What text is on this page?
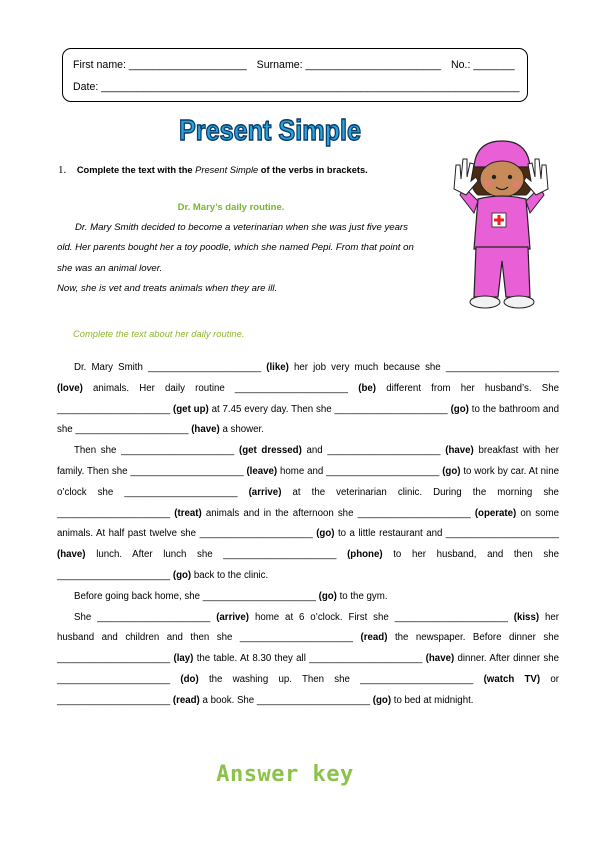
First name: ____________________ Surname: _______________________ No.: _______
Date: _______________________________________________________________________
Present Simple
1. Complete the text with the Present Simple of the verbs in brackets.
Dr. Mary’s daily routine.

Dr. Mary Smith decided to become a veterinarian when she was just five years

old. Her parents bought her a toy poodle, which she named Pepi. From that point on

she was an animal lover.

Now, she is vet and treats animals when they are ill.

Complete the text about her daily routine.

Dr. Mary Smith _____________________ (like) her job very much because she _____________________ (love) animals. Her daily routine _____________________ (be) different from her husband’s. She _____________________ (get up) at 7.45 every day. Then she _____________________ (go) to the bathroom and she _____________________ (have) a shower.

Then she _____________________ (get dressed) and _____________________ (have) breakfast with her family. Then she _____________________ (leave) home and _____________________ (go) to work by car. At nine o’clock she _____________________ (arrive) at the veterinarian clinic. During the morning she _____________________ (treat) animals and in the afternoon she _____________________ (operate) on some animals. At half past twelve she _____________________ (go) to a little restaurant and _____________________ (have) lunch. After lunch she _____________________ (phone) to her husband, and then she _____________________ (go) back to the clinic.

Before going back home, she _____________________ (go) to the gym.

She _____________________ (arrive) home at 6 o’clock. First she _____________________ (kiss) her husband and children and then she _____________________ (read) the newspaper. Before dinner she _____________________ (lay) the table. At 8.30 they all _____________________ (have) dinner. After dinner she _____________________ (do) the washing up. Then she _____________________ (watch TV) or _____________________ (read) a book. She _____________________ (go) to bed at midnight.

Answer key
